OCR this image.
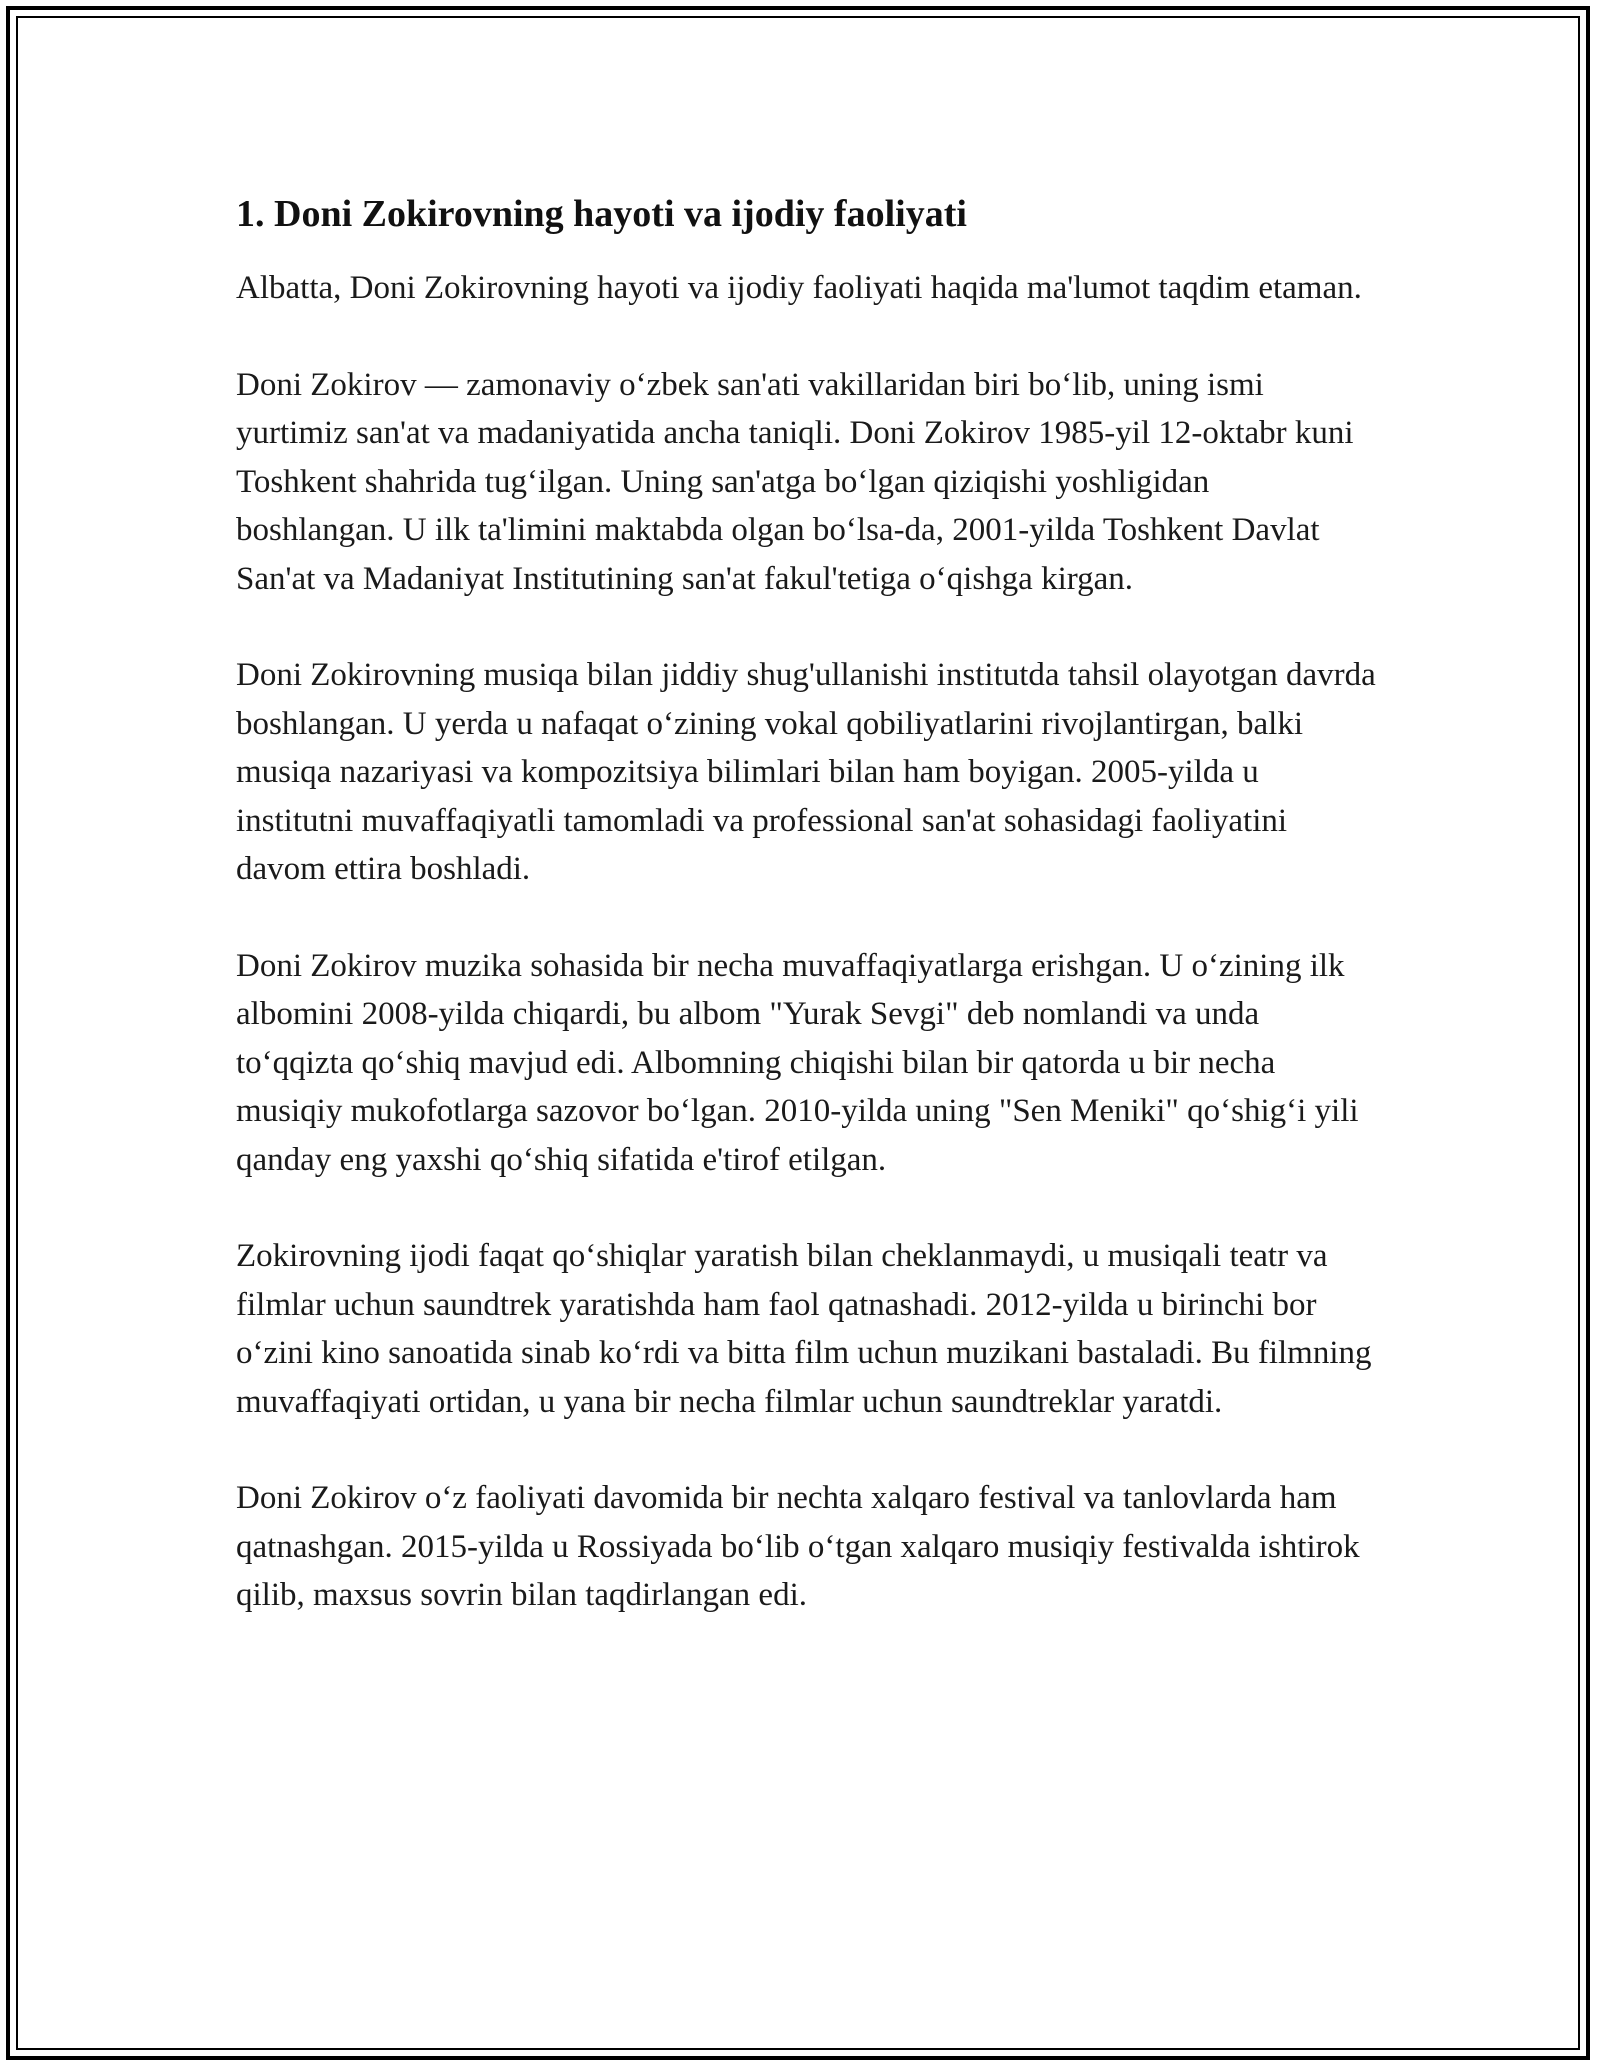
1. Doni Zokirovning hayoti va ijodiy faoliyati

Albatta, Doni Zokirovning hayoti va ijodiy faoliyati haqida ma'lumot taqdim etaman.

Doni Zokirov — zamonaviy oʻzbek san'ati vakillaridan biri boʻlib, uning ismi yurtimiz san'at va madaniyatida ancha taniqli. Doni Zokirov 1985-yil 12-oktabr kuni Toshkent shahrida tugʻilgan. Uning san'atga boʻlgan qiziqishi yoshligidan boshlangan. U ilk ta'limini maktabda olgan boʻlsa-da, 2001-yilda Toshkent Davlat San'at va Madaniyat Institutining san'at fakul'tetiga oʻqishga kirgan.

Doni Zokirovning musiqa bilan jiddiy shug'ullanishi institutda tahsil olayotgan davrda boshlangan. U yerda u nafaqat oʻzining vokal qobiliyatlarini rivojlantirgan, balki musiqa nazariyasi va kompozitsiya bilimlari bilan ham boyigan. 2005-yilda u institutni muvaffaqiyatli tamomladi va professional san'at sohasidagi faoliyatini davom ettira boshladi.

Doni Zokirov muzika sohasida bir necha muvaffaqiyatlarga erishgan. U oʻzining ilk albomini 2008-yilda chiqardi, bu albom "Yurak Sevgi" deb nomlandi va unda toʻqqizta qoʻshiq mavjud edi. Albomning chiqishi bilan bir qatorda u bir necha musiqiy mukofotlarga sazovor boʻlgan. 2010-yilda uning "Sen Meniki" qoʻshigʻi yili qanday eng yaxshi qoʻshiq sifatida e'tirof etilgan.

Zokirovning ijodi faqat qoʻshiqlar yaratish bilan cheklanmaydi, u musiqali teatr va filmlar uchun saundtrek yaratishda ham faol qatnashadi. 2012-yilda u birinchi bor oʻzini kino sanoatida sinab koʻrdi va bitta film uchun muzikani bastaladi. Bu filmning muvaffaqiyati ortidan, u yana bir necha filmlar uchun saundtreklar yaratdi.

Doni Zokirov oʻz faoliyati davomida bir nechta xalqaro festival va tanlovlarda ham qatnashgan. 2015-yilda u Rossiyada boʻlib oʻtgan xalqaro musiqiy festivalda ishtirok qilib, maxsus sovrin bilan taqdirlangan edi.
